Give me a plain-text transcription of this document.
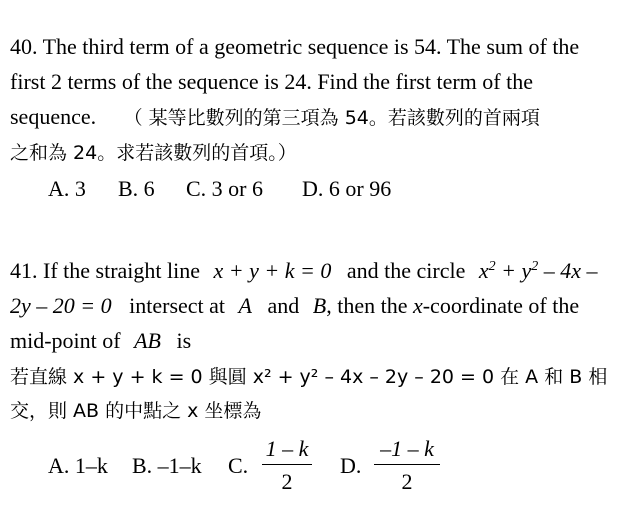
40. The third term of a geometric sequence is 54. The sum of the
first 2 terms of the sequence is 24. Find the first term of the
sequence. （ 某等比數列的第三項為 54。若該數列的首兩項
之和為 24。求若該數列的首項。）
A. 3 B. 6 C. 3 or 6 D. 6 or 96
41. If the straight line x + y + k = 0 and the circle $x^2 + y^2 - 4x$ –
2y – 20 = 0 intersect at A and B, then the x-coordinate of the
mid-point of AB is
若直線 x + y + k = 0 與圓 x² + y² – 4x – 2y – 20 = 0 在 A 和 B 相
交，則 AB 的中點之 x 坐標為
A. 1–k B. –1–k C.
1 – k
2
D.
–1 – k
2
